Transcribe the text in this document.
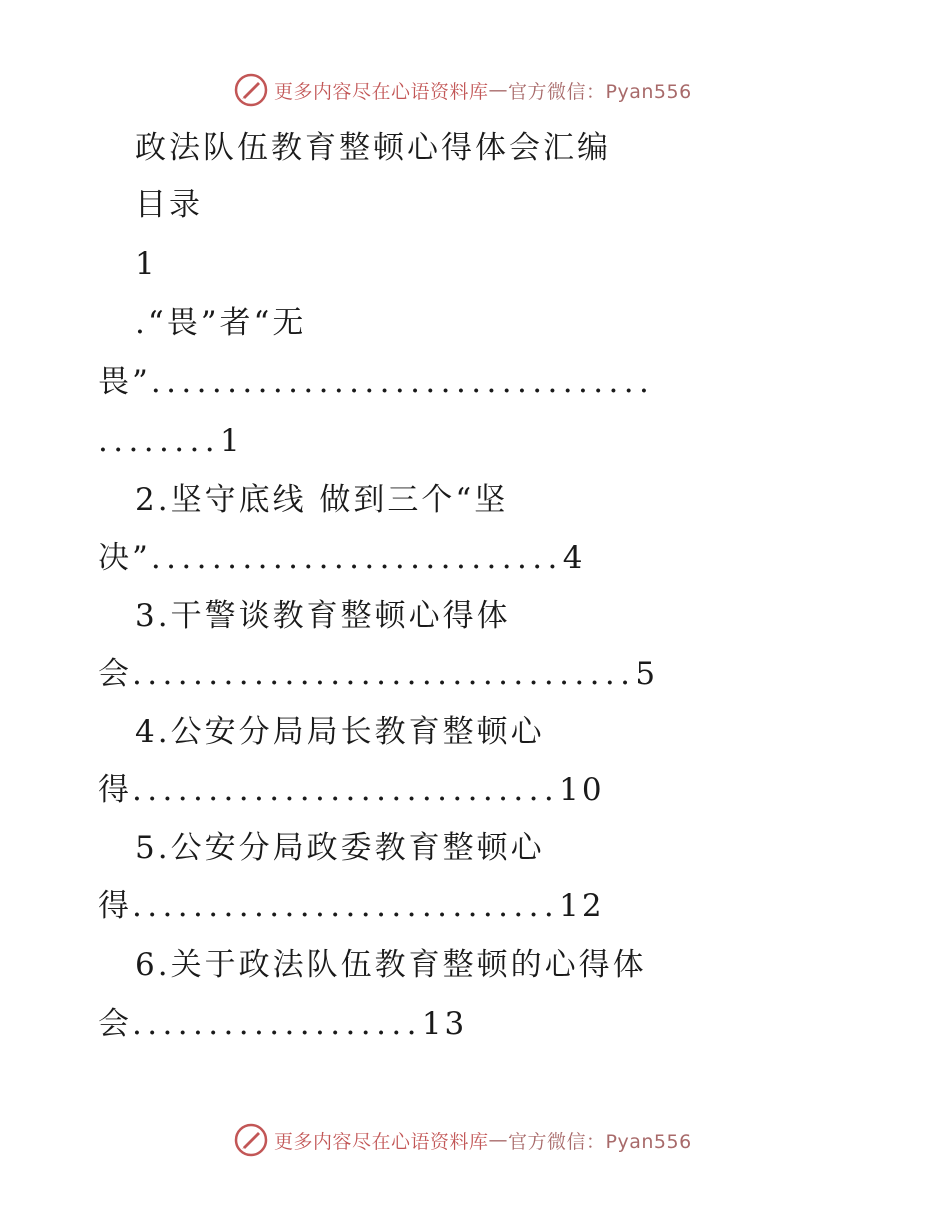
更多内容尽在心语资料库 — 官方微信：Pyan556
政法队伍教育整顿心得体会汇编
目录
1
.“畏”者“无
畏”.................................
........1
2.坚守底线 做到三个“坚
决”...........................4
3.干警谈教育整顿心得体
会.................................5
4.公安分局局长教育整顿心
得............................10
5.公安分局政委教育整顿心
得............................12
6.关于政法队伍教育整顿的心得体
会...................13
更多内容尽在心语资料库 — 官方微信：Pyan556
